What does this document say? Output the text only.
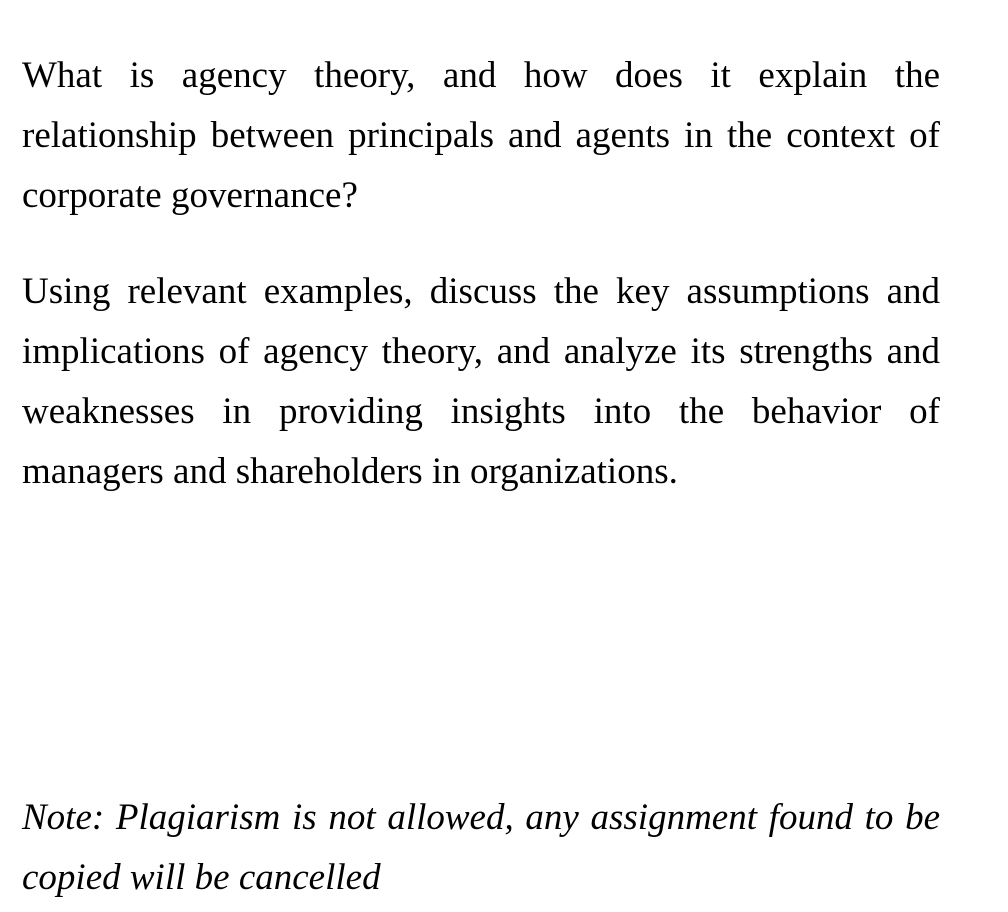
What is agency theory, and how does it explain the relationship between principals and agents in the context of corporate governance?

Using relevant examples, discuss the key assumptions and implications of agency theory, and analyze its strengths and weaknesses in providing insights into the behavior of managers and shareholders in organizations.

Note: Plagiarism is not allowed, any assignment found to be copied will be cancelled
